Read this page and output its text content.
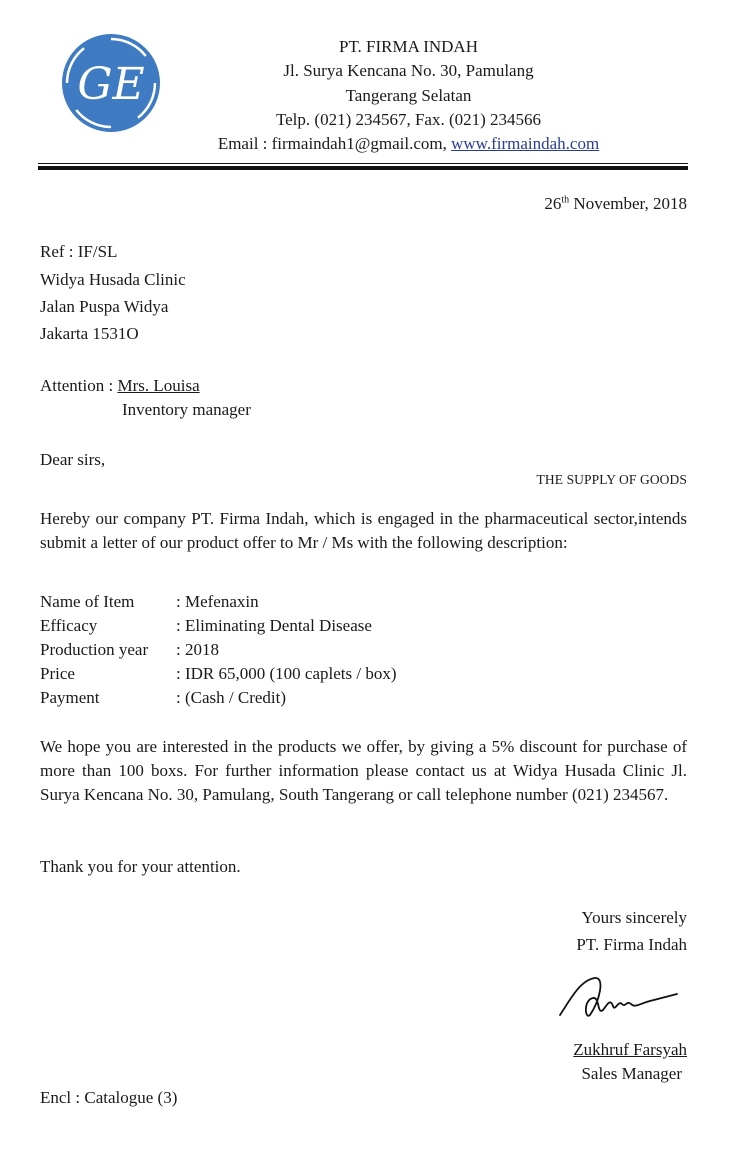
GE
PT. FIRMA INDAH
Jl. Surya Kencana No. 30, Pamulang
Tangerang Selatan
Telp. (021) 234567, Fax. (021) 234566
Email : firmaindah1@gmail.com, www.firmaindah.com
26th November, 2018
Ref : IF/SL
Widya Husada Clinic
Jalan Puspa Widya
Jakarta 1531O
Attention : Mrs. Louisa
Inventory manager
Dear sirs,
THE SUPPLY OF GOODS
Hereby our company PT. Firma Indah, which is engaged in the pharmaceutical sector,intends submit a letter of our product offer to Mr / Ms with the following description:
Name of Item : Mefenaxin
Efficacy	: Eliminating Dental Disease
Production year : 2018
Price	: IDR 65,000 (100 caplets / box)
Payment	: (Cash / Credit)
We hope you are interested in the products we offer, by giving a 5% discount for purchase of more than 100 boxs. For further information please contact us at Widya Husada Clinic Jl. Surya Kencana No. 30, Pamulang, South Tangerang or call telephone number (021) 234567.
Thank you for your attention.
Yours sincerely
PT. Firma Indah
Zukhruf Farsyah
Sales Manager
Encl : Catalogue (3)
